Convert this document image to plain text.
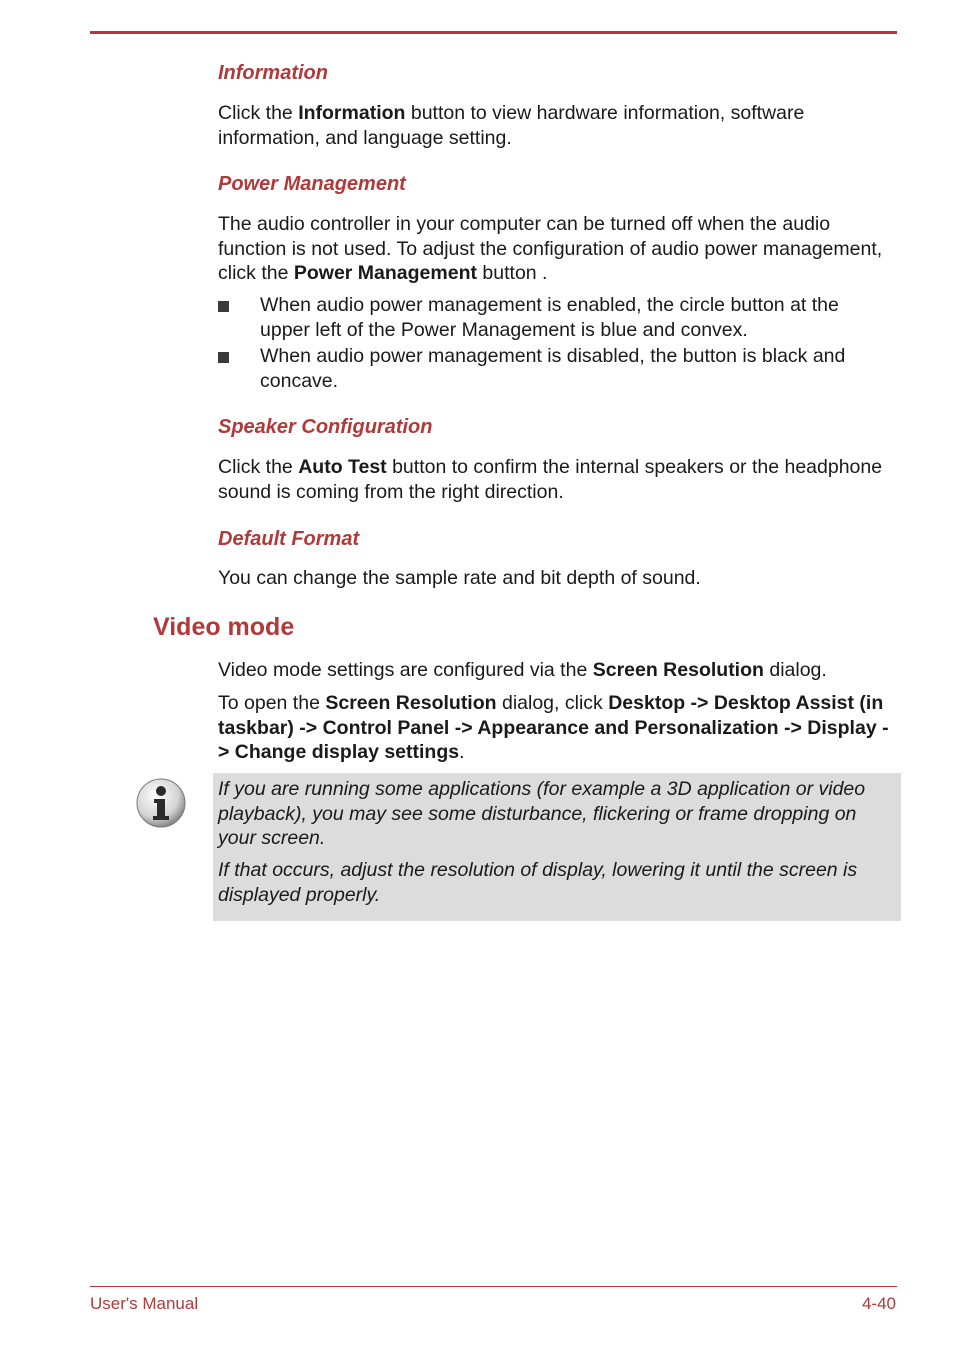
Information

Click the Information button to view hardware information, software information, and language setting.

Power Management

The audio controller in your computer can be turned off when the audio function is not used. To adjust the configuration of audio power management, click the Power Management button .

When audio power management is enabled, the circle button at the upper left of the Power Management is blue and convex.
When audio power management is disabled, the button is black and concave.
Speaker Configuration

Click the Auto Test button to confirm the internal speakers or the headphone sound is coming from the right direction.

Default Format

You can change the sample rate and bit depth of sound.

Video mode

Video mode settings are configured via the Screen Resolution dialog.

To open the Screen Resolution dialog, click Desktop -> Desktop Assist (in taskbar) -> Control Panel -> Appearance and Personalization -> Display -> Change display settings.

If you are running some applications (for example a 3D application or video playback), you may see some disturbance, flickering or frame dropping on your screen.

If that occurs, adjust the resolution of display, lowering it until the screen is displayed properly.

User's Manual	4-40
